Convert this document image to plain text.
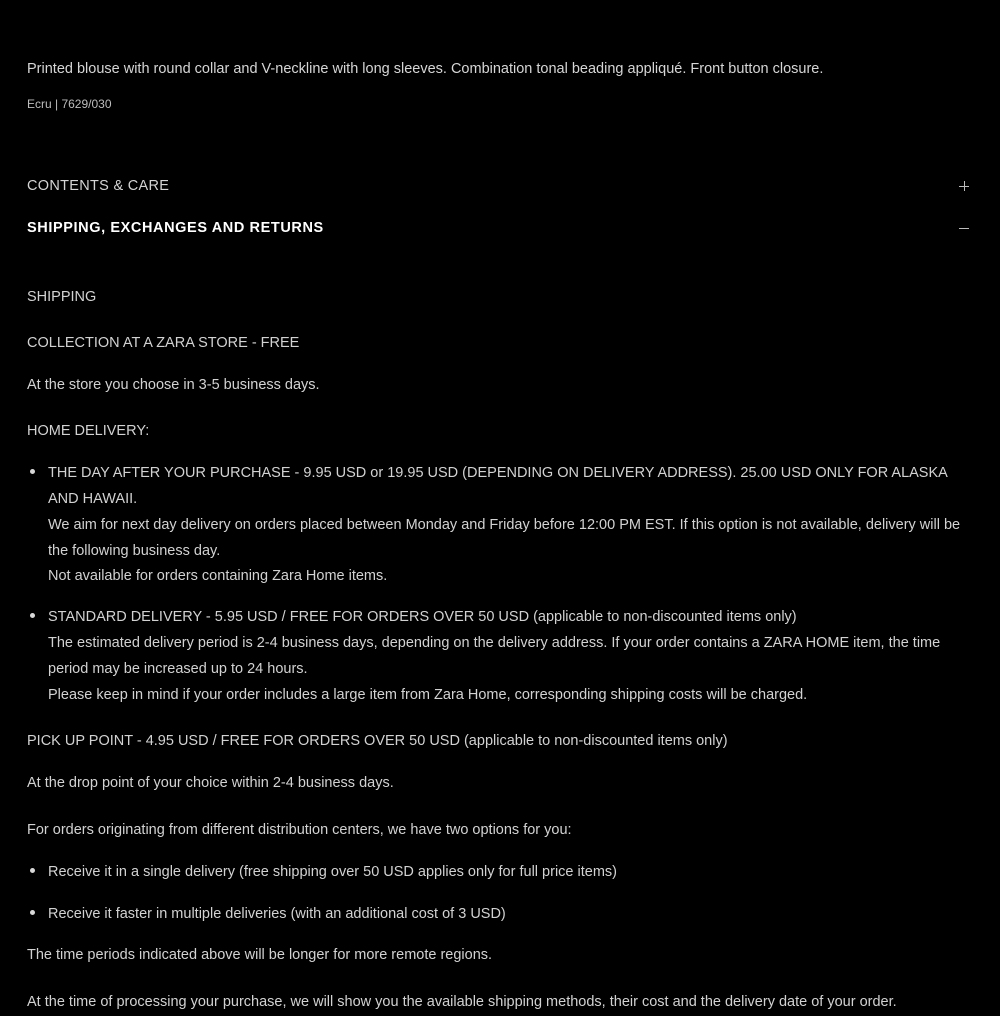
Printed blouse with round collar and V-neckline with long sleeves. Combination tonal beading appliqué. Front button closure.
Ecru | 7629/030
CONTENTS & CARE
SHIPPING, EXCHANGES AND RETURNS

SHIPPING

COLLECTION AT A ZARA STORE - FREE

At the store you choose in 3-5 business days.

HOME DELIVERY:

THE DAY AFTER YOUR PURCHASE - 9.95 USD or 19.95 USD (DEPENDING ON DELIVERY ADDRESS). 25.00 USD ONLY FOR ALASKA AND HAWAII.
We aim for next day delivery on orders placed between Monday and Friday before 12:00 PM EST. If this option is not available, delivery will be the following business day.
Not available for orders containing Zara Home items.
STANDARD DELIVERY - 5.95 USD / FREE FOR ORDERS OVER 50 USD (applicable to non-discounted items only)
The estimated delivery period is 2-4 business days, depending on the delivery address. If your order contains a ZARA HOME item, the time period may be increased up to 24 hours.
Please keep in mind if your order includes a large item from Zara Home, corresponding shipping costs will be charged.

PICK UP POINT - 4.95 USD / FREE FOR ORDERS OVER 50 USD (applicable to non-discounted items only)

At the drop point of your choice within 2-4 business days.

For orders originating from different distribution centers, we have two options for you:

Receive it in a single delivery (free shipping over 50 USD applies only for full price items)
Receive it faster in multiple deliveries (with an additional cost of 3 USD)

The time periods indicated above will be longer for more remote regions.

At the time of processing your purchase, we will show you the available shipping methods, their cost and the delivery date of your order.
